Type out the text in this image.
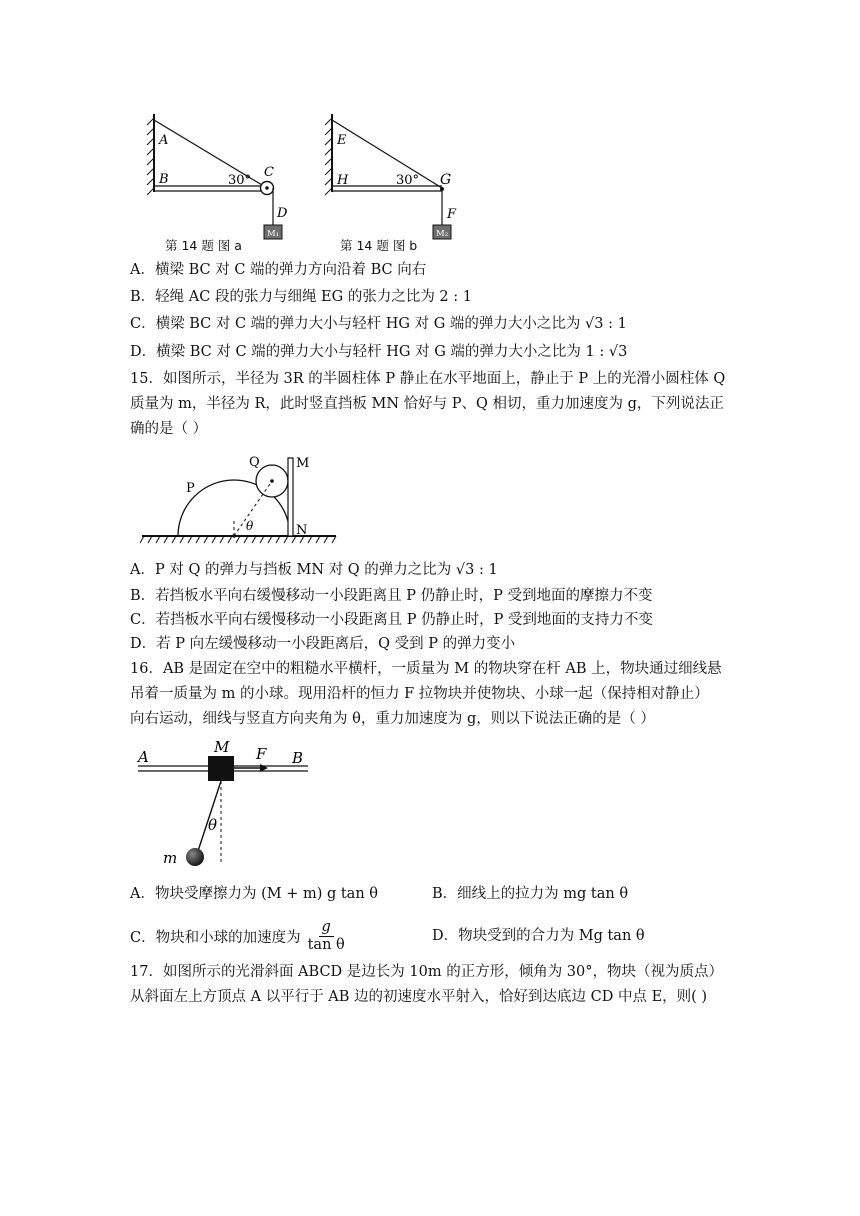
A
B	30°
C
D
M₁
第 14 题 图 a
E
H	30° G
F
M₂
第 14 题 图 b
A．横梁 BC 对 C 端的弹力方向沿着 BC 向右
B．轻绳 AC 段的张力与细绳 EG 的张力之比为 2 : 1
C．横梁 BC 对 C 端的弹力大小与轻杆 HG 对 G 端的弹力大小之比为 √3 : 1
D．横梁 BC 对 C 端的弹力大小与轻杆 HG 对 G 端的弹力大小之比为 1 : √3
15．如图所示，半径为 3R 的半圆柱体 P 静止在水平地面上，静止于 P 上的光滑小圆柱体 Q
质量为 m，半径为 R，此时竖直挡板 MN 恰好与 P、Q 相切，重力加速度为 g，下列说法正
确的是（ ）
Q	M
P
N
θ
A．P 对 Q 的弹力与挡板 MN 对 Q 的弹力之比为 √3 : 1
B．若挡板水平向右缓慢移动一小段距离且 P 仍静止时，P 受到地面的摩擦力不变
C．若挡板水平向右缓慢移动一小段距离且 P 仍静止时，P 受到地面的支持力不变
D．若 P 向左缓慢移动一小段距离后，Q 受到 P 的弹力变小
16．AB 是固定在空中的粗糙水平横杆，一质量为 M 的物块穿在杆 AB 上，物块通过细线悬
吊着一质量为 m 的小球。现用沿杆的恒力 F 拉物块并使物块、小球一起（保持相对静止）
向右运动，细线与竖直方向夹角为 θ，重力加速度为 g，则以下说法正确的是（ ）
A
M F B
θ
m
A．物块受摩擦力为 (M + m) g tan θ	B．细线上的拉力为 mg tan θ
C．物块和小球的加速度为 $\frac{g}{\text{tan θ}}$	D．物块受到的合力为 Mg tan θ
17．如图所示的光滑斜面 ABCD 是边长为 10m 的正方形，倾角为 30°，物块（视为质点）
从斜面左上方顶点 A 以平行于 AB 边的初速度水平射入，恰好到达底边 CD 中点 E，则( )
